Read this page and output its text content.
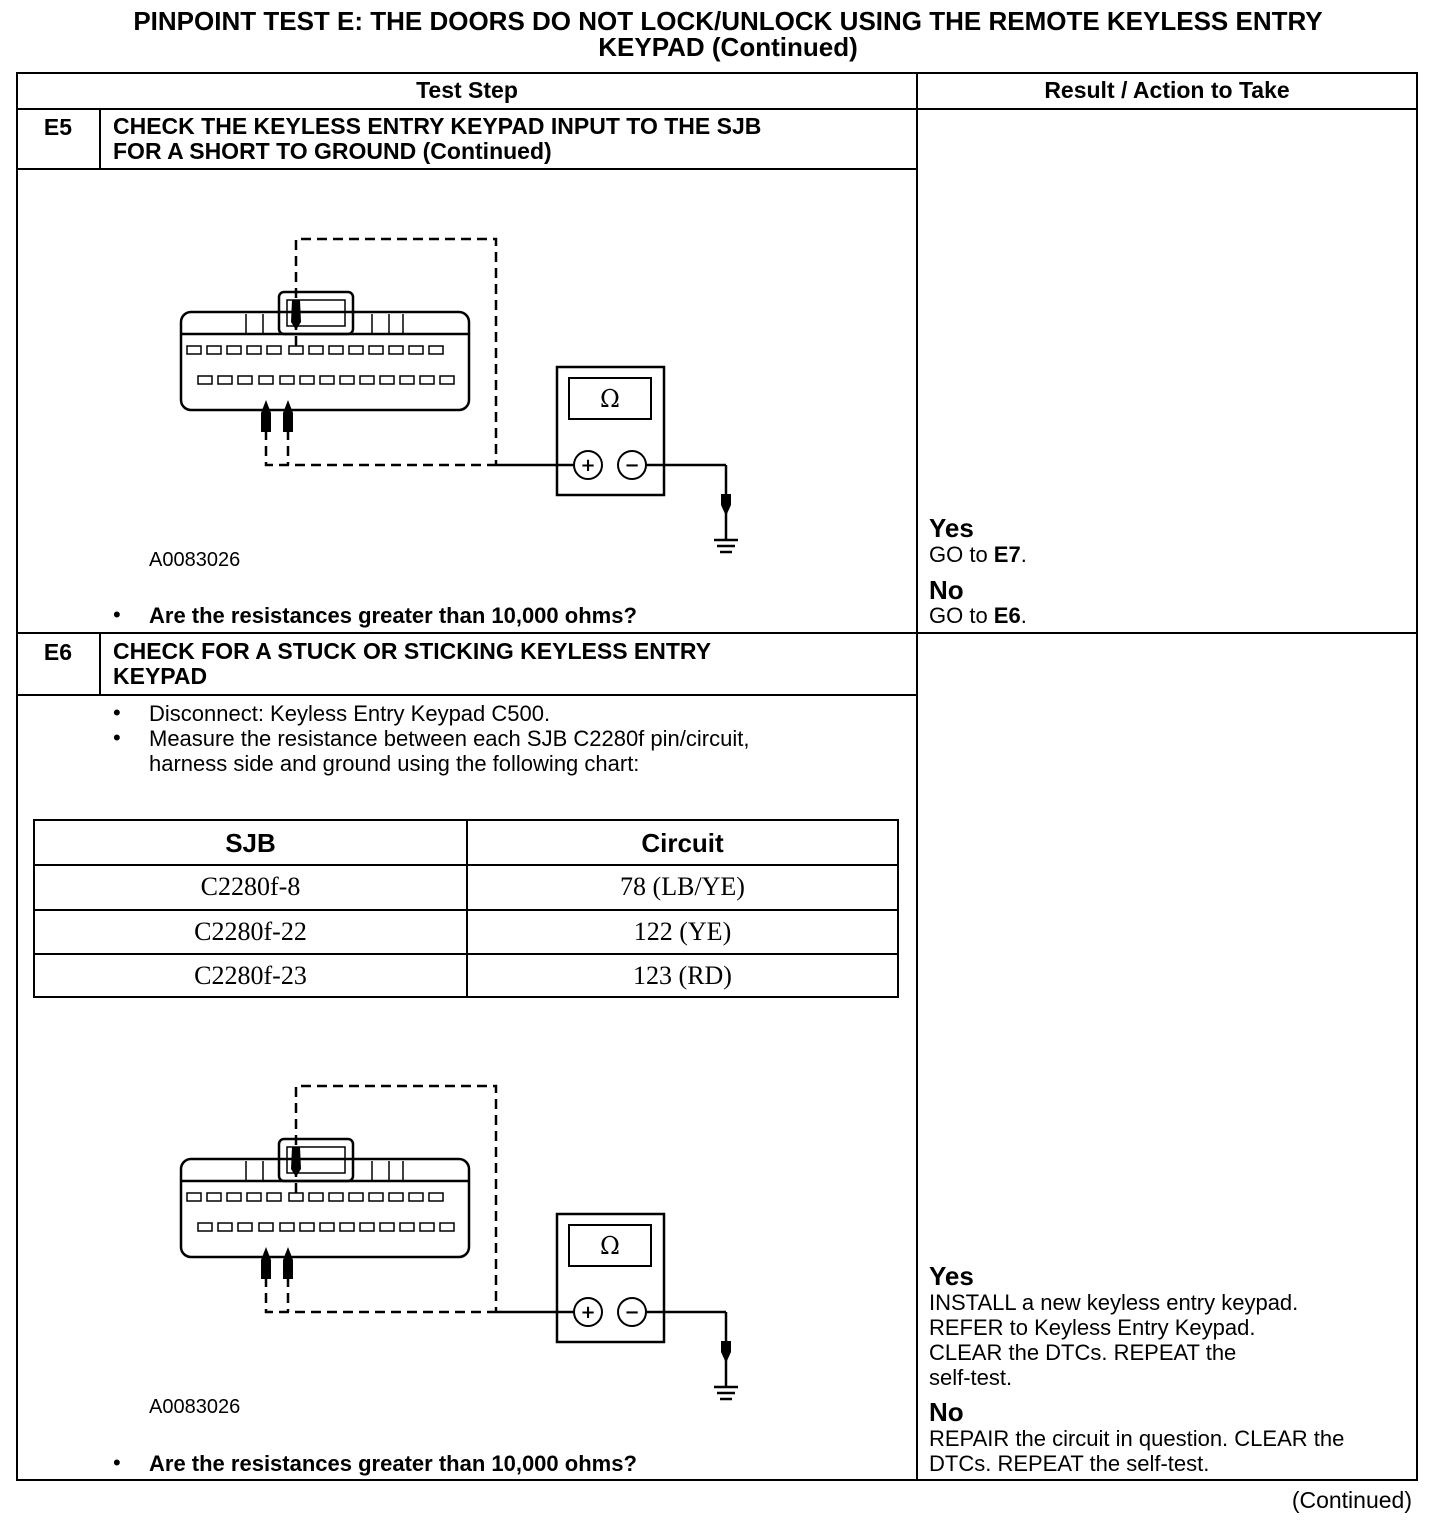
PINPOINT TEST E: THE DOORS DO NOT LOCK/UNLOCK USING THE REMOTE KEYLESS ENTRY
KEYPAD (Continued)
Test Step	Result / Action to Take
E5	CHECK THE KEYLESS ENTRY KEYPAD INPUT TO THE SJB
FOR A SHORT TO GROUND (Continued)
Ω
+ −
A0083026
• Are the resistances greater than 10,000 ohms?
Yes
GO to E7.
No
GO to E6.
E6	CHECK FOR A STUCK OR STICKING KEYLESS ENTRY
KEYPAD
• Disconnect: Keyless Entry Keypad C500.
• Measure the resistance between each SJB C2280f pin/circuit,
harness side and ground using the following chart:
SJB	Circuit
C2280f-8	78 (LB/YE)
C2280f-22	122 (YE)
C2280f-23	123 (RD)
Ω
+ −
A0083026
• Are the resistances greater than 10,000 ohms?
Yes
INSTALL a new keyless entry keypad.
REFER to Keyless Entry Keypad.
CLEAR the DTCs. REPEAT the
self-test.
No
REPAIR the circuit in question. CLEAR the
DTCs. REPEAT the self-test.
(Continued)
